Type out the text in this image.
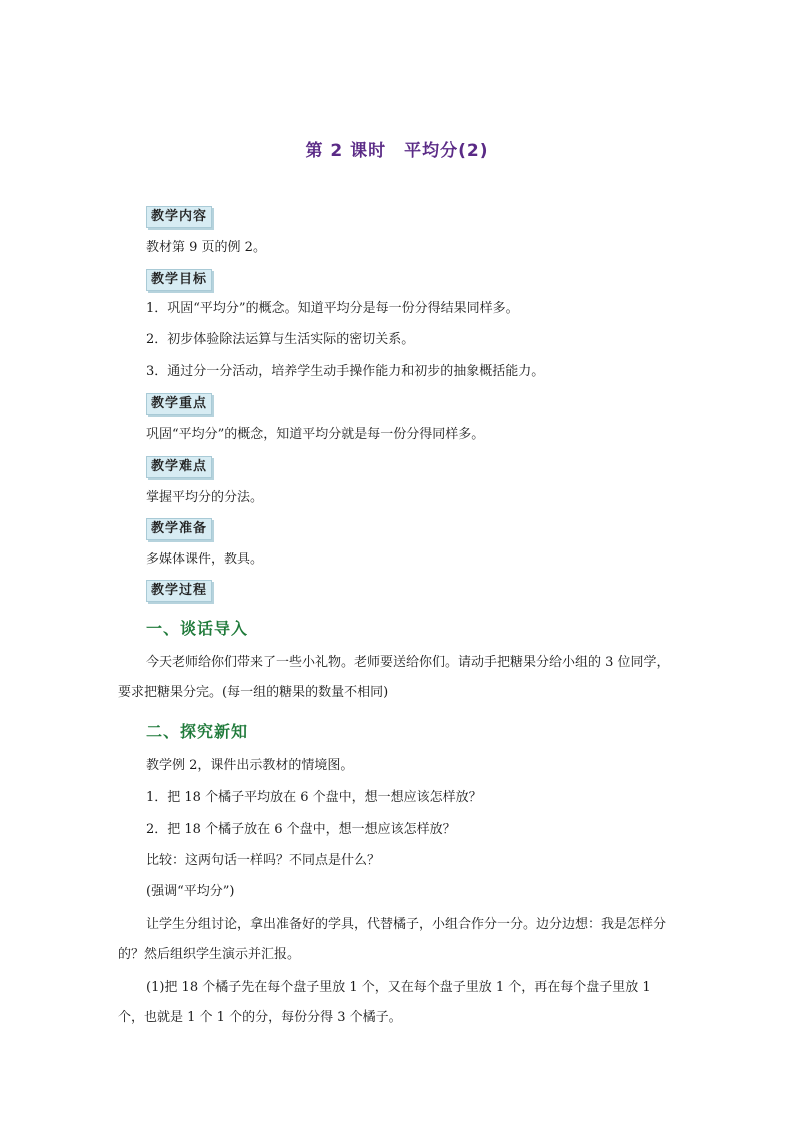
第 2 课时　平均分(2)
教学内容
教材第 9 页的例 2。
教学目标
1．巩固“平均分”的概念。知道平均分是每一份分得结果同样多。
2．初步体验除法运算与生活实际的密切关系。
3．通过分一分活动，培养学生动手操作能力和初步的抽象概括能力。
教学重点
巩固“平均分”的概念，知道平均分就是每一份分得同样多。
教学难点
掌握平均分的分法。
教学准备
多媒体课件，教具。
教学过程
一、谈话导入
今天老师给你们带来了一些小礼物。老师要送给你们。请动手把糖果分给小组的 3 位同学，要求把糖果分完。(每一组的糖果的数量不相同)
二、探究新知
教学例 2，课件出示教材的情境图。
1．把 18 个橘子平均放在 6 个盘中，想一想应该怎样放？
2．把 18 个橘子放在 6 个盘中，想一想应该怎样放？
比较：这两句话一样吗？不同点是什么？
(强调“平均分”)
让学生分组讨论，拿出准备好的学具，代替橘子，小组合作分一分。边分边想：我是怎样分的？然后组织学生演示并汇报。
(1)把 18 个橘子先在每个盘子里放 1 个，又在每个盘子里放 1 个，再在每个盘子里放 1 个，也就是 1 个 1 个的分，每份分得 3 个橘子。
